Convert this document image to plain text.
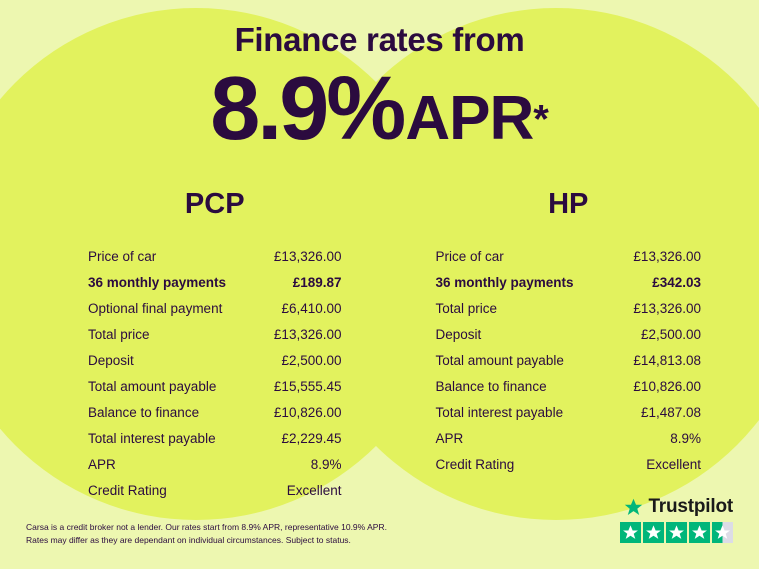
Finance rates from
8.9%APR*
PCP
Price of car	£13,326.00
36 monthly payments	£189.87
Optional final payment	£6,410.00
Total price	£13,326.00
Deposit	£2,500.00
Total amount payable	£15,555.45
Balance to finance	£10,826.00
Total interest payable	£2,229.45
APR	8.9%
Credit Rating	Excellent
HP
Price of car	£13,326.00
36 monthly payments	£342.03
Total price	£13,326.00
Deposit	£2,500.00
Total amount payable	£14,813.08
Balance to finance	£10,826.00
Total interest payable	£1,487.08
APR	8.9%
Credit Rating	Excellent
Carsa is a credit broker not a lender. Our rates start from 8.9% APR, representative 10.9% APR.
Rates may differ as they are dependant on individual circumstances. Subject to status.
Trustpilot
